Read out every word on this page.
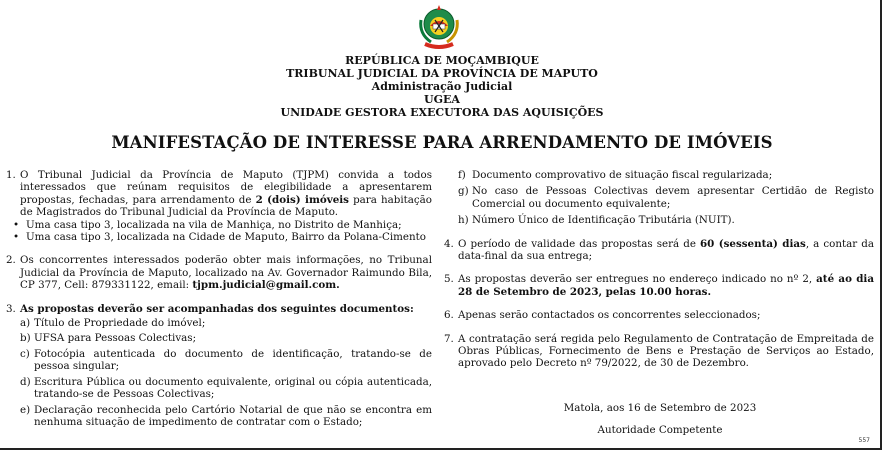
REPÚBLICA DE MOÇAMBIQUE
TRIBUNAL JUDICIAL DA PROVÍNCIA DE MAPUTO
Administração Judicial
UGEA
UNIDADE GESTORA EXECUTORA DAS AQUISIÇÕES
MANIFESTAÇÃO DE INTERESSE PARA ARRENDAMENTO DE IMÓVEIS
1. O Tribunal Judicial da Província de Maputo (TJPM) convida a todos interessados que reúnam requisitos de elegibilidade a apresentarem propostas, fechadas, para arrendamento de 2 (dois) imóveis para habitação de Magistrados do Tribunal Judicial da Província de Maputo.
• Uma casa tipo 3, localizada na vila de Manhiça, no Distrito de Manhiça;
• Uma casa tipo 3, localizada na Cidade de Maputo, Bairro da Polana-Cimento
2. Os concorrentes interessados poderão obter mais informações, no Tribunal Judicial da Província de Maputo, localizado na Av. Governador Raimundo Bila, CP 377, Cell: 879331122, email: tjpm.judicial@gmail.com.
3. As propostas deverão ser acompanhadas dos seguintes documentos:
a) Título de Propriedade do imóvel;
b) UFSA para Pessoas Colectivas;
c) Fotocópia autenticada do documento de identificação, tratando-se de pessoa singular;
d) Escritura Pública ou documento equivalente, original ou cópia autenticada, tratando-se de Pessoas Colectivas;
e) Declaração reconhecida pelo Cartório Notarial de que não se encontra em nenhuma situação de impedimento de contratar com o Estado;
f) Documento comprovativo de situação fiscal regularizada;
g) No caso de Pessoas Colectivas devem apresentar Certidão de Registo Comercial ou documento equivalente;
h) Número Único de Identificação Tributária (NUIT).
4. O período de validade das propostas será de 60 (sessenta) dias, a contar da data-final da sua entrega;
5. As propostas deverão ser entregues no endereço indicado no nº 2, até ao dia 28 de Setembro de 2023, pelas 10.00 horas.
6. Apenas serão contactados os concorrentes seleccionados;
7. A contratação será regida pelo Regulamento de Contratação de Empreitada de Obras Públicas, Fornecimento de Bens e Prestação de Serviços ao Estado, aprovado pelo Decreto nº 79/2022, de 30 de Dezembro.
Matola, aos 16 de Setembro de 2023
Autoridade Competente
557
